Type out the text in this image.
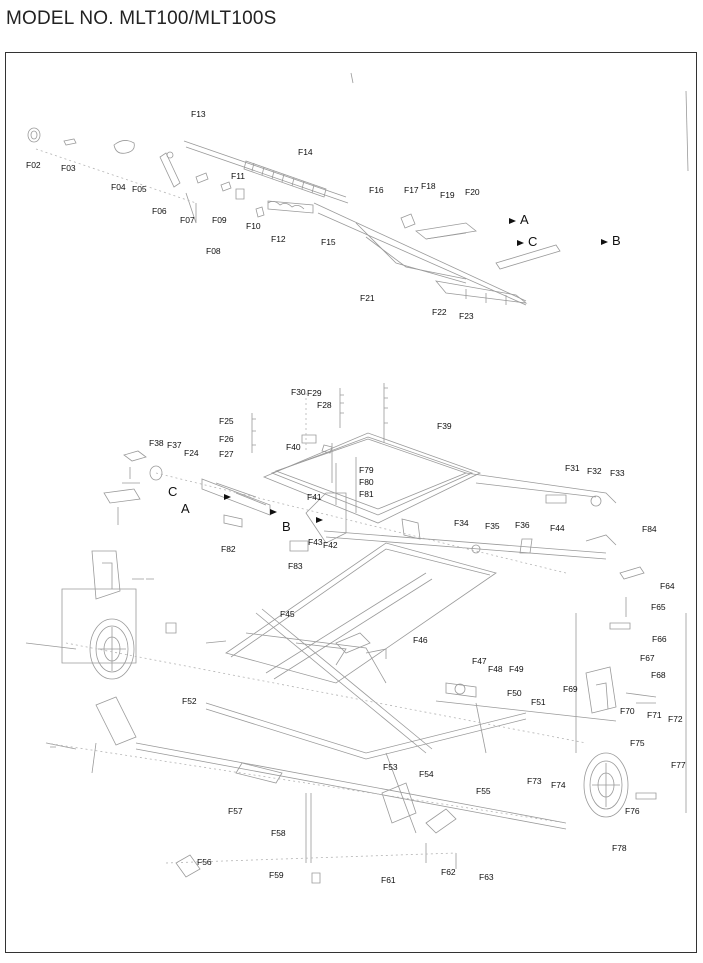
MODEL NO. MLT100/MLT100S
F02 F03
F04 F05
F06
F07
F08
F09
F10
F11
F12
F13
F14
F15
F16 F17 F18
F19 F20
F21
F22 F23
F24
F25
F26
F27
F28
F29
F30
F31 F32 F33
F34 F35 F36
F37
F38
F39
F40
F41
F42
F43
F44
F45
F46
F47
F48 F49
F50
F51
F52
F53
F54
F55
F56
F57
F58
F59	F61
F62	F63
F64
F65
F66
F67
F68
F69
F70 F71 F72
F73 F74
F75
F76
F77
F78
F79
F80
F81
F82
F83
F84
A
C	B
C
A
B
